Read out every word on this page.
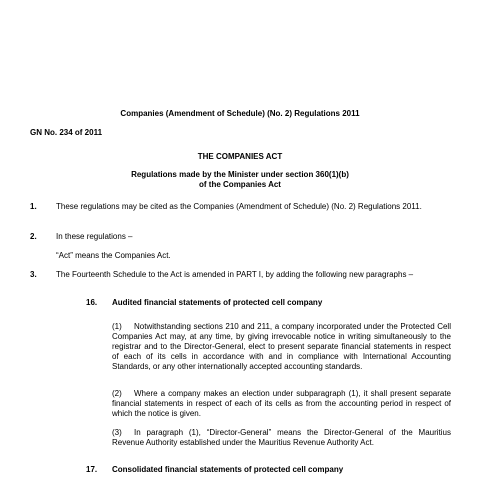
Companies (Amendment of Schedule) (No. 2) Regulations 2011
GN No. 234 of 2011
THE COMPANIES ACT
Regulations made by the Minister under section 360(1)(b)
of the Companies Act
1. These regulations may be cited as the Companies (Amendment of Schedule) (No. 2) Regulations 2011.
2. In these regulations –
“Act” means the Companies Act.
3. The Fourteenth Schedule to the Act is amended in PART I, by adding the following new paragraphs –
16. Audited financial statements of protected cell company
(1)	Notwithstanding sections 210 and 211, a company incorporated under the Protected Cell Companies Act may, at any time, by giving irrevocable notice in writing simultaneously to the registrar and to the Director-General, elect to present separate financial statements in respect of each of its cells in accordance with and in compliance with International Accounting Standards, or any other internationally accepted accounting standards.
(2)	Where a company makes an election under subparagraph (1), it shall present separate financial statements in respect of each of its cells as from the accounting period in respect of which the notice is given.
(3)	In paragraph (1), “Director-General” means the Director-General of the Mauritius Revenue Authority established under the Mauritius Revenue Authority Act.
17. Consolidated financial statements of protected cell company
